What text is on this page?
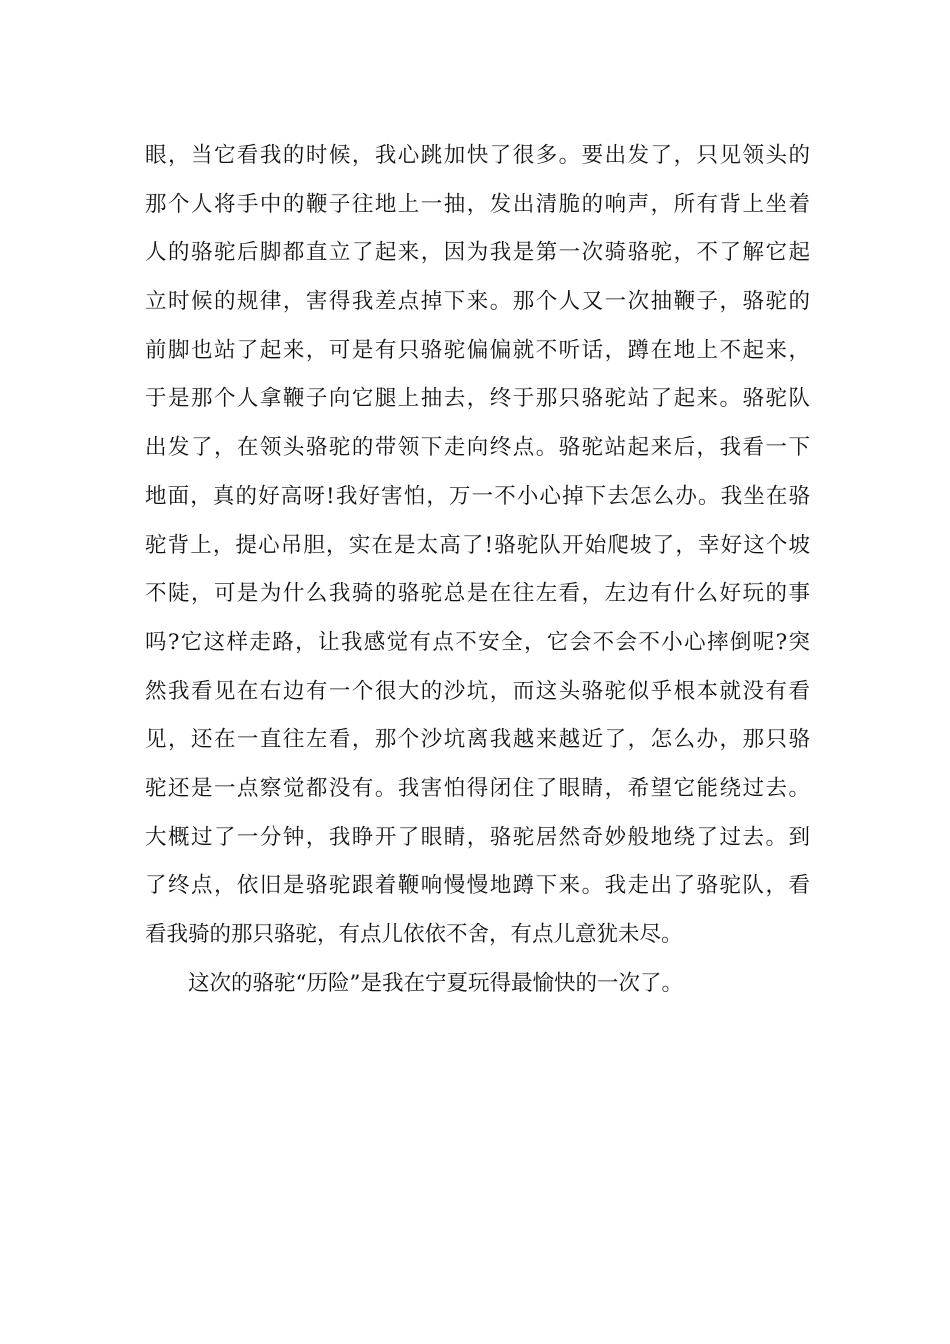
眼，当它看我的时候，我心跳加快了很多。要出发了，只见领头的
那个人将手中的鞭子往地上一抽，发出清脆的响声，所有背上坐着
人的骆驼后脚都直立了起来，因为我是第一次骑骆驼，不了解它起
立时候的规律，害得我差点掉下来。那个人又一次抽鞭子，骆驼的
前脚也站了起来，可是有只骆驼偏偏就不听话，蹲在地上不起来，
于是那个人拿鞭子向它腿上抽去，终于那只骆驼站了起来。骆驼队
出发了，在领头骆驼的带领下走向终点。骆驼站起来后，我看一下
地面，真的好高呀!我好害怕，万一不小心掉下去怎么办。我坐在骆
驼背上，提心吊胆，实在是太高了!骆驼队开始爬坡了，幸好这个坡
不陡，可是为什么我骑的骆驼总是在往左看，左边有什么好玩的事
吗?它这样走路，让我感觉有点不安全，它会不会不小心摔倒呢?突
然我看见在右边有一个很大的沙坑，而这头骆驼似乎根本就没有看
见，还在一直往左看，那个沙坑离我越来越近了，怎么办，那只骆
驼还是一点察觉都没有。我害怕得闭住了眼睛，希望它能绕过去。
大概过了一分钟，我睁开了眼睛，骆驼居然奇妙般地绕了过去。到
了终点，依旧是骆驼跟着鞭响慢慢地蹲下来。我走出了骆驼队，看
看我骑的那只骆驼，有点儿依依不舍，有点儿意犹未尽。
这次的骆驼“历险”是我在宁夏玩得最愉快的一次了。
